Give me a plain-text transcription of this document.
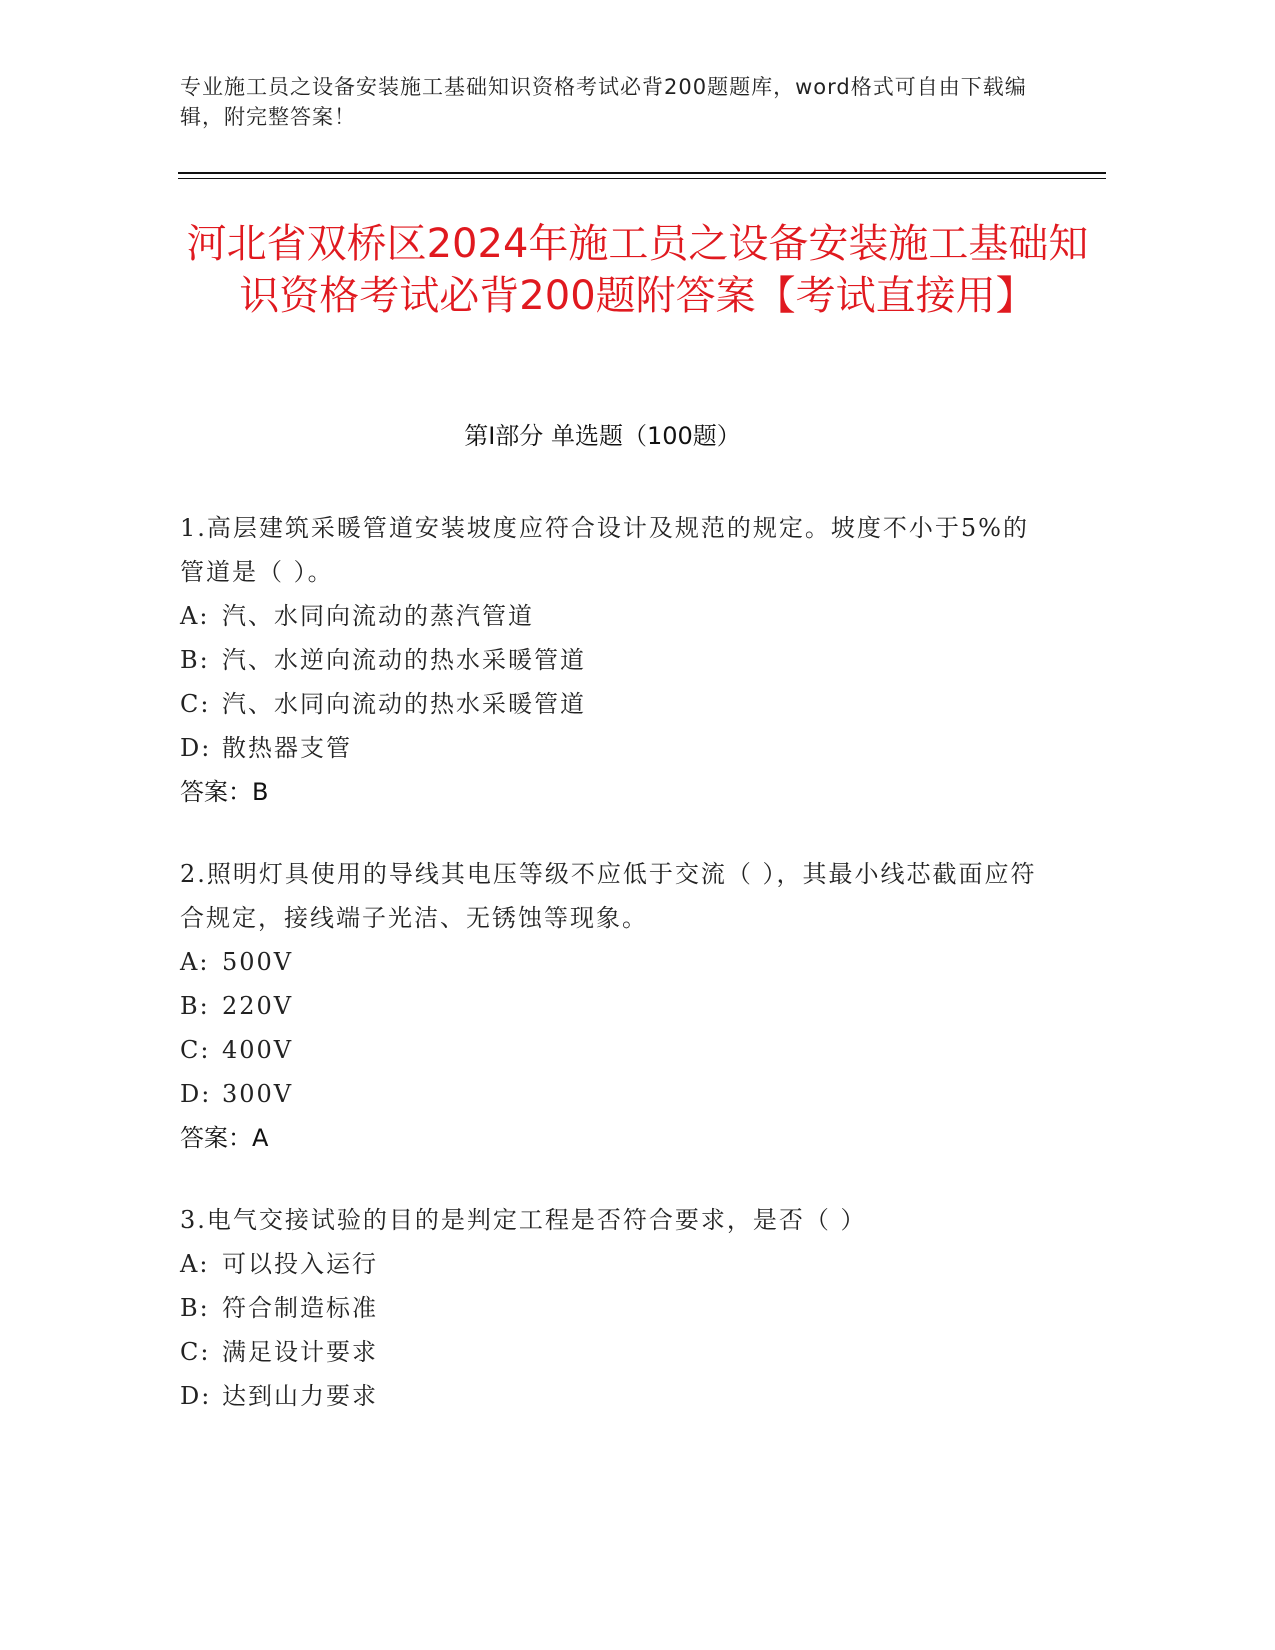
专业施工员之设备安装施工基础知识资格考试必背200题题库，word格式可自由下载编辑，附完整答案！
河北省双桥区2024年施工员之设备安装施工基础知识资格考试必背200题附答案【考试直接用】
第Ⅰ部分 单选题（100题）
1.高层建筑采暖管道安装坡度应符合设计及规范的规定。坡度不小于5%的管道是（ ）。
A: 汽、水同向流动的蒸汽管道
B: 汽、水逆向流动的热水采暖管道
C: 汽、水同向流动的热水采暖管道
D: 散热器支管
答案：B
2.照明灯具使用的导线其电压等级不应低于交流（ ），其最小线芯截面应符合规定，接线端子光洁、无锈蚀等现象。
A: 500V
B: 220V
C: 400V
D: 300V
答案：A
3.电气交接试验的目的是判定工程是否符合要求，是否（ ）
A: 可以投入运行
B: 符合制造标准
C: 满足设计要求
D: 达到山力要求
